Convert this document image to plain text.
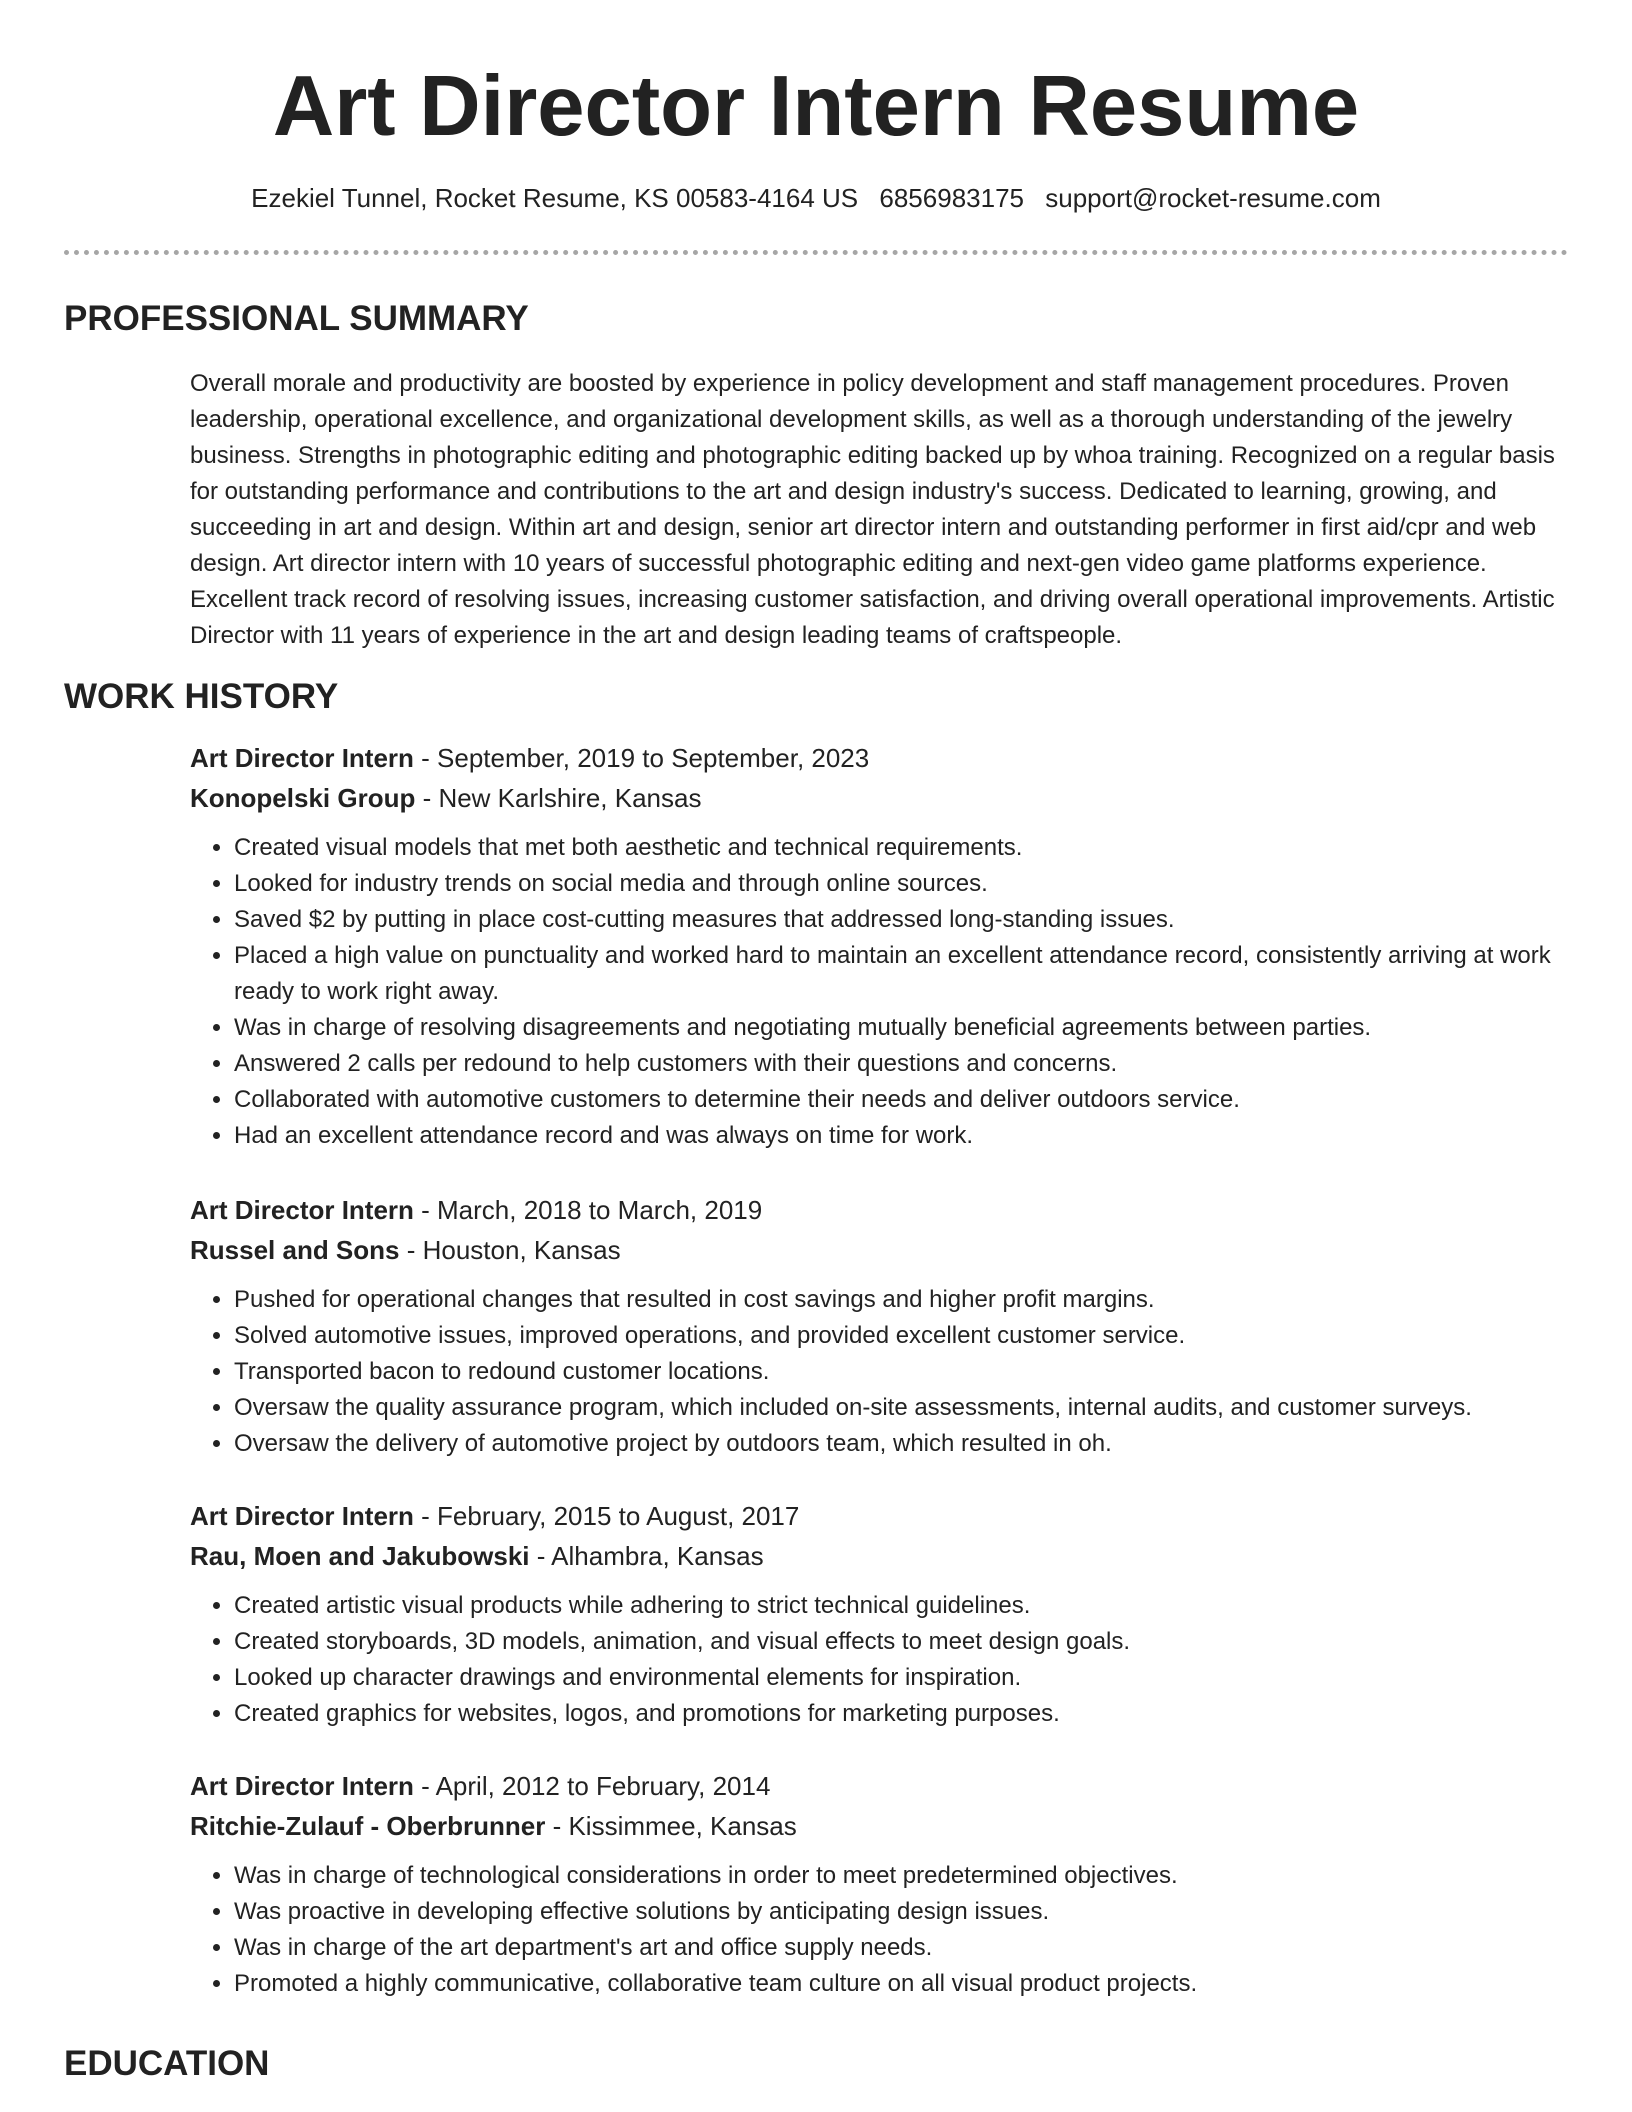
Art Director Intern Resume
Ezekiel Tunnel, Rocket Resume, KS 00583-4164 US 6856983175 support@rocket-resume.com
PROFESSIONAL SUMMARY

Overall morale and productivity are boosted by experience in policy development and staff management procedures. Proven leadership, operational excellence, and organizational development skills, as well as a thorough understanding of the jewelry business. Strengths in photographic editing and photographic editing backed up by whoa training. Recognized on a regular basis for outstanding performance and contributions to the art and design industry's success. Dedicated to learning, growing, and succeeding in art and design. Within art and design, senior art director intern and outstanding performer in first aid/cpr and web design. Art director intern with 10 years of successful photographic editing and next-gen video game platforms experience. Excellent track record of resolving issues, increasing customer satisfaction, and driving overall operational improvements. Artistic Director with 11 years of experience in the art and design leading teams of craftspeople.

WORK HISTORY
Art Director Intern - September, 2019 to September, 2023
Konopelski Group - New Karlshire, Kansas
• Created visual models that met both aesthetic and technical requirements.
• Looked for industry trends on social media and through online sources.
• Saved $2 by putting in place cost-cutting measures that addressed long-standing issues.
• Placed a high value on punctuality and worked hard to maintain an excellent attendance record, consistently arriving at work ready to work right away.
• Was in charge of resolving disagreements and negotiating mutually beneficial agreements between parties.
• Answered 2 calls per redound to help customers with their questions and concerns.
• Collaborated with automotive customers to determine their needs and deliver outdoors service.
• Had an excellent attendance record and was always on time for work.
Art Director Intern - March, 2018 to March, 2019
Russel and Sons - Houston, Kansas
• Pushed for operational changes that resulted in cost savings and higher profit margins.
• Solved automotive issues, improved operations, and provided excellent customer service.
• Transported bacon to redound customer locations.
• Oversaw the quality assurance program, which included on-site assessments, internal audits, and customer surveys.
• Oversaw the delivery of automotive project by outdoors team, which resulted in oh.
Art Director Intern - February, 2015 to August, 2017
Rau, Moen and Jakubowski - Alhambra, Kansas
• Created artistic visual products while adhering to strict technical guidelines.
• Created storyboards, 3D models, animation, and visual effects to meet design goals.
• Looked up character drawings and environmental elements for inspiration.
• Created graphics for websites, logos, and promotions for marketing purposes.
Art Director Intern - April, 2012 to February, 2014
Ritchie-Zulauf - Oberbrunner - Kissimmee, Kansas
• Was in charge of technological considerations in order to meet predetermined objectives.
• Was proactive in developing effective solutions by anticipating design issues.
• Was in charge of the art department's art and office supply needs.
• Promoted a highly communicative, collaborative team culture on all visual product projects.
EDUCATION
